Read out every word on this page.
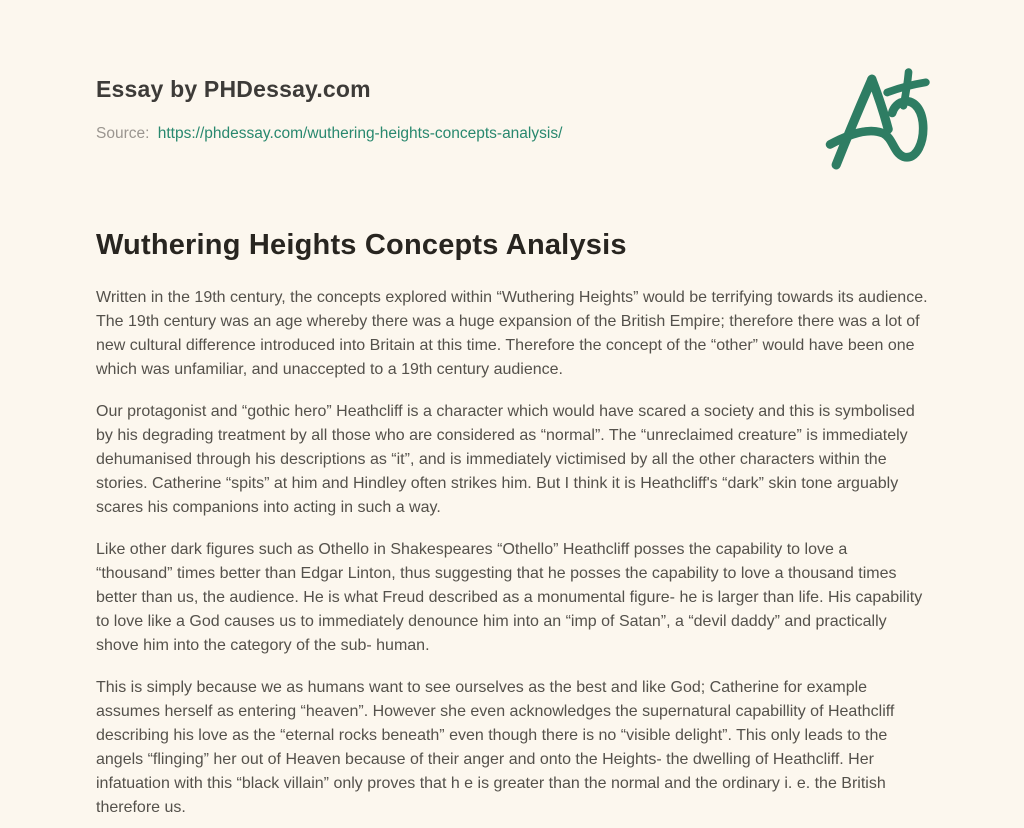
Essay by PHDessay.com

Source: https://phdessay.com/wuthering-heights-concepts-analysis/

Wuthering Heights Concepts Analysis

Written in the 19th century, the concepts explored within “Wuthering Heights” would be terrifying towards its audience. The 19th century was an age whereby there was a huge expansion of the British Empire; therefore there was a lot of new cultural difference introduced into Britain at this time. Therefore the concept of the “other” would have been one which was unfamiliar, and unaccepted to a 19th century audience.

Our protagonist and “gothic hero” Heathcliff is a character which would have scared a society and this is symbolised by his degrading treatment by all those who are considered as “normal”. The “unreclaimed creature” is immediately dehumanised through his descriptions as “it”, and is immediately victimised by all the other characters within the stories. Catherine “spits” at him and Hindley often strikes him. But I think it is Heathcliff's “dark” skin tone arguably scares his companions into acting in such a way.

Like other dark figures such as Othello in Shakespeares “Othello” Heathcliff posses the capability to love a “thousand” times better than Edgar Linton, thus suggesting that he posses the capability to love a thousand times better than us, the audience. He is what Freud described as a monumental figure- he is larger than life. His capability to love like a God causes us to immediately denounce him into an “imp of Satan”, a “devil daddy” and practically shove him into the category of the sub- human.

This is simply because we as humans want to see ourselves as the best and like God; Catherine for example assumes herself as entering “heaven”. However she even acknowledges the supernatural capabillity of Heathcliff describing his love as the “eternal rocks beneath” even though there is no “visible delight”. This only leads to the angels “flinging” her out of Heaven because of their anger and onto the Heights- the dwelling of Heathcliff. Her infatuation with this “black villain” only proves that h e is greater than the normal and the ordinary i. e. the British therefore us.
